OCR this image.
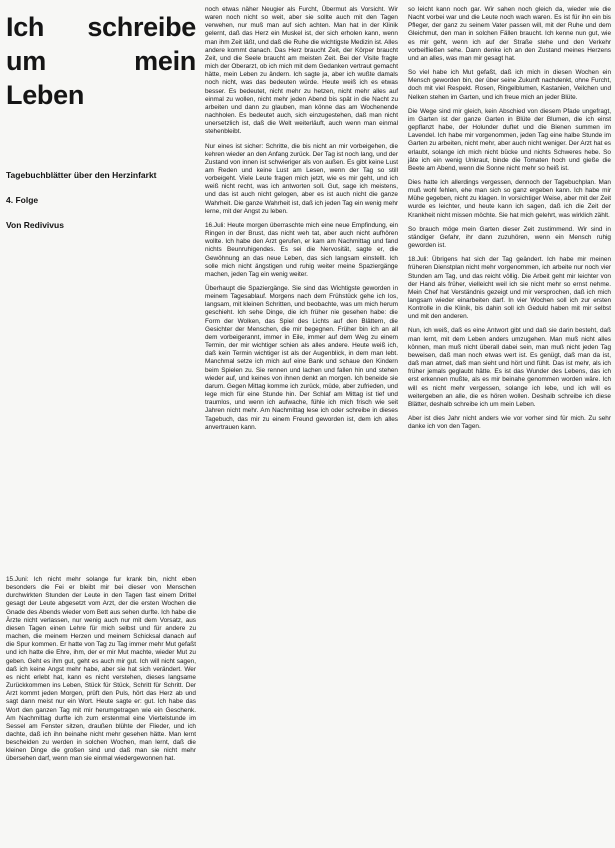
Ich schreibe um mein Leben

Tagebuchblätter über den Herzinfarkt

4. Folge

Von Redivivus

15.Juni: Ich nicht mehr solange fur krank bin, nicht eben besonders die Fei er bleibt mir bei dieser von Menschen durchwirkten Stunden der Leute in den Tagen fast einem Drittel gesagt der Leute abgesetzt vom Arzt, der die ersten Wochen die Gnade des Abends wieder vom Bett aus sehen durfte. Ich habe die Ärzte nicht verlassen, nur wenig auch nur mit dem Vorsatz, aus diesen Tagen einen Lehre für mich selbst und für andere zu machen, die meinem Herzen und meinem Schicksal danach auf die Spur kommen. Er hatte von Tag zu Tag immer mehr Mut gefaßt und ich hatte die Ehre, ihm, der er mir Mut machte, wieder Mut zu geben. Geht es ihm gut, geht es auch mir gut. Ich will nicht sagen, daß ich keine Angst mehr habe, aber sie hat sich verändert. Wer es nicht erlebt hat, kann es nicht verstehen, dieses langsame Zurückkommen ins Leben, Stück für Stück, Schritt für Schritt. Der Arzt kommt jeden Morgen, prüft den Puls, hört das Herz ab und sagt dann meist nur ein Wort. Heute sagte er: gut. Ich habe das Wort den ganzen Tag mit mir herumgetragen wie ein Geschenk. Am Nachmittag durfte ich zum erstenmal eine Viertelstunde im Sessel am Fenster sitzen, draußen blühte der Flieder, und ich dachte, daß ich ihn beinahe nicht mehr gesehen hätte. Man lernt bescheiden zu werden in solchen Wochen, man lernt, daß die kleinen Dinge die großen sind und daß man sie nicht mehr übersehen darf, wenn man sie einmal wiedergewonnen hat.

noch etwas näher Neugier als Furcht, Übermut als Vorsicht. Wir waren noch nicht so weit, aber sie sollte auch mit den Tagen verwehen, nur muß man auf sich achten. Man hat in der Klinik gelernt, daß das Herz ein Muskel ist, der sich erholen kann, wenn man ihm Zeit läßt, und daß die Ruhe die wichtigste Medizin ist. Alles andere kommt danach. Das Herz braucht Zeit, der Körper braucht Zeit, und die Seele braucht am meisten Zeit. Bei der Visite fragte mich der Oberarzt, ob ich mich mit dem Gedanken vertraut gemacht hätte, mein Leben zu ändern. Ich sagte ja, aber ich wußte damals noch nicht, was das bedeuten würde. Heute weiß ich es etwas besser. Es bedeutet, nicht mehr zu hetzen, nicht mehr alles auf einmal zu wollen, nicht mehr jeden Abend bis spät in die Nacht zu arbeiten und dann zu glauben, man könne das am Wochenende nachholen. Es bedeutet auch, sich einzugestehen, daß man nicht unersetzlich ist, daß die Welt weiterläuft, auch wenn man einmal stehenbleibt.

Nur eines ist sicher: Schritte, die bis nicht an mir vorbeigehen, die kehren wieder an den Anfang zurück. Der Tag ist noch lang, und der Zustand von innen ist schwieriger als von außen. Es gibt keine Lust am Reden und keine Lust am Lesen, wenn der Tag so still vorbeigeht. Viele Leute fragen mich jetzt, wie es mir geht, und ich weiß nicht recht, was ich antworten soll. Gut, sage ich meistens, und das ist auch nicht gelogen, aber es ist auch nicht die ganze Wahrheit. Die ganze Wahrheit ist, daß ich jeden Tag ein wenig mehr lerne, mit der Angst zu leben.

16.Juli: Heute morgen überraschte mich eine neue Empfindung, ein Ringen in der Brust, das nicht weh tat, aber auch nicht aufhören wollte. Ich habe den Arzt gerufen, er kam am Nachmittag und fand nichts Beunruhigendes. Es sei die Nervosität, sagte er, die Gewöhnung an das neue Leben, das sich langsam einstellt. Ich solle mich nicht ängstigen und ruhig weiter meine Spaziergänge machen, jeden Tag ein wenig weiter.

Überhaupt die Spaziergänge. Sie sind das Wichtigste geworden in meinem Tagesablauf. Morgens nach dem Frühstück gehe ich los, langsam, mit kleinen Schritten, und beobachte, was um mich herum geschieht. Ich sehe Dinge, die ich früher nie gesehen habe: die Form der Wolken, das Spiel des Lichts auf den Blättern, die Gesichter der Menschen, die mir begegnen. Früher bin ich an all dem vorbeigerannt, immer in Eile, immer auf dem Weg zu einem Termin, der mir wichtiger schien als alles andere. Heute weiß ich, daß kein Termin wichtiger ist als der Augenblick, in dem man lebt. Manchmal setze ich mich auf eine Bank und schaue den Kindern beim Spielen zu. Sie rennen und lachen und fallen hin und stehen wieder auf, und keines von ihnen denkt an morgen. Ich beneide sie darum. Gegen Mittag komme ich zurück, müde, aber zufrieden, und lege mich für eine Stunde hin. Der Schlaf am Mittag ist tief und traumlos, und wenn ich aufwache, fühle ich mich frisch wie seit Jahren nicht mehr. Am Nachmittag lese ich oder schreibe in dieses Tagebuch, das mir zu einem Freund geworden ist, dem ich alles anvertrauen kann.

so leicht kann noch gar. Wir sahen noch gleich da, wieder wie die Nacht vorbei war und die Leute noch wach waren. Es ist für ihn ein bis Pfleger, der ganz zu seinem Vater passen will, mit der Ruhe und dem Gleichmut, den man in solchen Fällen braucht. Ich kenne nun gut, wie es mir geht, wenn ich auf der Straße stehe und den Verkehr vorbeifließen sehe. Dann denke ich an den Zustand meines Herzens und an alles, was man mir gesagt hat.

So viel habe ich Mut gefaßt, daß ich mich in diesen Wochen ein Mensch geworden bin, der über seine Zukunft nachdenkt, ohne Furcht, doch mit viel Respekt. Rosen, Ringelblumen, Kastanien, Veilchen und Nelken stehen im Garten, und ich freue mich an jeder Blüte.

Die Wege sind mir gleich, kein Abschied von diesem Pfade ungefragt, im Garten ist der ganze Garten in Blüte der Blumen, die ich einst gepflanzt habe, der Holunder duftet und die Bienen summen im Lavendel. Ich habe mir vorgenommen, jeden Tag eine halbe Stunde im Garten zu arbeiten, nicht mehr, aber auch nicht weniger. Der Arzt hat es erlaubt, solange ich mich nicht bücke und nichts Schweres hebe. So jäte ich ein wenig Unkraut, binde die Tomaten hoch und gieße die Beete am Abend, wenn die Sonne nicht mehr so heiß ist.

Dies hatte ich allerdings vergessen, dennoch der Tagebuchplan. Man muß wohl fehlen, ehe man sich so ganz ergeben kann. Ich habe mir Mühe gegeben, nicht zu klagen. In vorsichtiger Weise, aber mit der Zeit wurde es leichter, und heute kann ich sagen, daß ich die Zeit der Krankheit nicht missen möchte. Sie hat mich gelehrt, was wirklich zählt.

So brauch möge mein Garten dieser Zeit zustimmend. Wir sind in ständiger Gefahr, ihr dann zuzuhören, wenn ein Mensch ruhig geworden ist.

18.Juli: Übrigens hat sich der Tag geändert. Ich habe mir meinen früheren Dienstplan nicht mehr vorgenommen, ich arbeite nur noch vier Stunden am Tag, und das reicht völlig. Die Arbeit geht mir leichter von der Hand als früher, vielleicht weil ich sie nicht mehr so ernst nehme. Mein Chef hat Verständnis gezeigt und mir versprochen, daß ich mich langsam wieder einarbeiten darf. In vier Wochen soll ich zur ersten Kontrolle in die Klinik, bis dahin soll ich Geduld haben mit mir selbst und mit den anderen.

Nun, ich weiß, daß es eine Antwort gibt und daß sie darin besteht, daß man lernt, mit dem Leben anders umzugehen. Man muß nicht alles können, man muß nicht überall dabei sein, man muß nicht jeden Tag beweisen, daß man noch etwas wert ist. Es genügt, daß man da ist, daß man atmet, daß man sieht und hört und fühlt. Das ist mehr, als ich früher jemals geglaubt hätte. Es ist das Wunder des Lebens, das ich erst erkennen mußte, als es mir beinahe genommen worden wäre. Ich will es nicht mehr vergessen, solange ich lebe, und ich will es weitergeben an alle, die es hören wollen. Deshalb schreibe ich diese Blätter, deshalb schreibe ich um mein Leben.

Aber ist dies Jahr nicht anders wie vor vorher sind für mich. Zu sehr danke ich von den Tagen.
